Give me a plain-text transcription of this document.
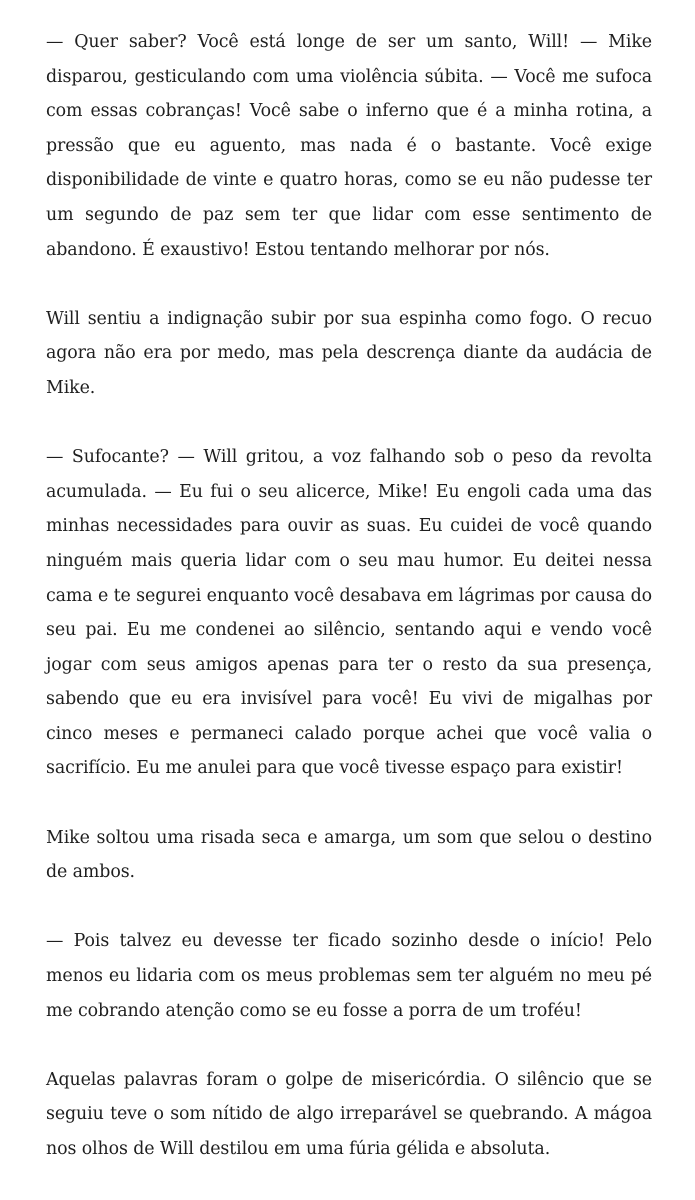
— Quer saber? Você está longe de ser um santo, Will! — Mike disparou, gesticulando com uma violência súbita. — Você me sufoca com essas cobranças! Você sabe o inferno que é a minha rotina, a pressão que eu aguento, mas nada é o bastante. Você exige disponibilidade de vinte e quatro horas, como se eu não pudesse ter um segundo de paz sem ter que lidar com esse sentimento de abandono. É exaustivo! Estou tentando melhorar por nós.

Will sentiu a indignação subir por sua espinha como fogo. O recuo agora não era por medo, mas pela descrença diante da audácia de Mike.

— Sufocante? — Will gritou, a voz falhando sob o peso da revolta acumulada. — Eu fui o seu alicerce, Mike! Eu engoli cada uma das minhas necessidades para ouvir as suas. Eu cuidei de você quando ninguém mais queria lidar com o seu mau humor. Eu deitei nessa cama e te segurei enquanto você desabava em lágrimas por causa do seu pai. Eu me condenei ao silêncio, sentando aqui e vendo você jogar com seus amigos apenas para ter o resto da sua presença, sabendo que eu era invisível para você! Eu vivi de migalhas por cinco meses e permaneci calado porque achei que você valia o sacrifício. Eu me anulei para que você tivesse espaço para existir!

Mike soltou uma risada seca e amarga, um som que selou o destino de ambos.

— Pois talvez eu devesse ter ficado sozinho desde o início! Pelo menos eu lidaria com os meus problemas sem ter alguém no meu pé me cobrando atenção como se eu fosse a porra de um troféu!

Aquelas palavras foram o golpe de misericórdia. O silêncio que se seguiu teve o som nítido de algo irreparável se quebrando. A mágoa nos olhos de Will destilou em uma fúria gélida e absoluta.
